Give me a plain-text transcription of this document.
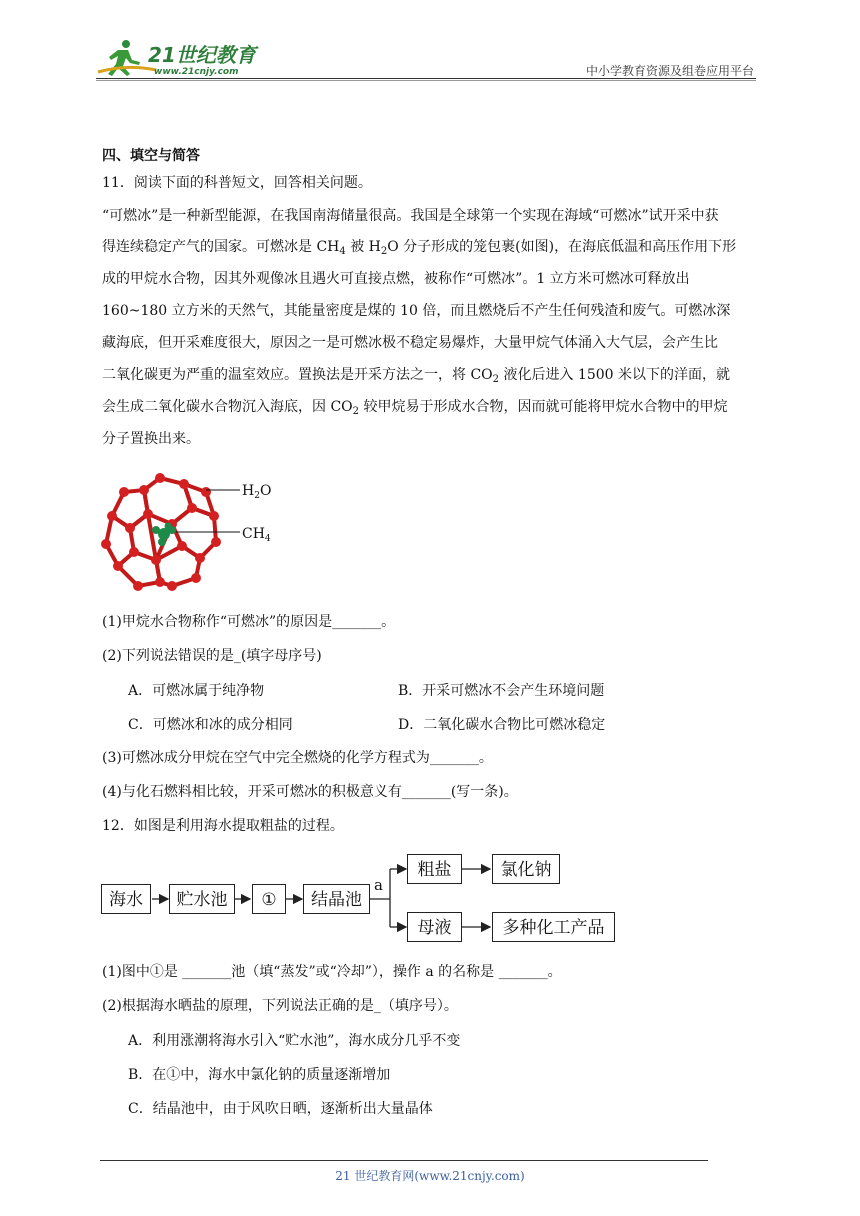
21世纪教育
www.21cnjy.com	中小学教育资源及组卷应用平台
四、填空与简答
11．阅读下面的科普短文，回答相关问题。
“可燃冰”是一种新型能源，在我国南海储量很高。我国是全球第一个实现在海域“可燃冰”试开采中获
得连续稳定产气的国家。可燃冰是 $CH_4$ 被 $H_2O$ 分子形成的笼包裹(如图)，在海底低温和高压作用下形
成的甲烷水合物，因其外观像冰且遇火可直接点燃，被称作“可燃冰”。1 立方米可燃冰可释放出
160~180 立方米的天然气，其能量密度是煤的 10 倍，而且燃烧后不产生任何残渣和废气。可燃冰深
藏海底，但开采难度很大，原因之一是可燃冰极不稳定易爆炸，大量甲烷气体涌入大气层，会产生比
二氧化碳更为严重的温室效应。置换法是开采方法之一，将 $CO_2$ 液化后进入 1500 米以下的洋面，就
会生成二氧化碳水合物沉入海底，因 $CO_2$ 较甲烷易于形成水合物，因而就可能将甲烷水合物中的甲烷
分子置换出来。
$H_2O$
$CH_4$
(1)甲烷水合物称作“可燃冰”的原因是_______。
(2)下列说法错误的是_(填字母序号)
A．可燃冰属于纯净物	B．开采可燃冰不会产生环境问题
C．可燃冰和冰的成分相同	D．二氧化碳水合物比可燃冰稳定
(3)可燃冰成分甲烷在空气中完全燃烧的化学方程式为_______。
(4)与化石燃料相比较，开采可燃冰的积极意义有_______(写一条)。
12．如图是利用海水提取粗盐的过程。
海水	贮水池	①	结晶池
a
粗盐	氯化钠
母液	多种化工产品
(1)图中①是 _______池（填“蒸发”或“冷却”），操作 a 的名称是 _______。
(2)根据海水晒盐的原理，下列说法正确的是_（填序号）。
A．利用涨潮将海水引入“贮水池”，海水成分几乎不变
B．在①中，海水中氯化钠的质量逐渐增加
C．结晶池中，由于风吹日晒，逐渐析出大量晶体
21 世纪教育网(www.21cnjy.com)
